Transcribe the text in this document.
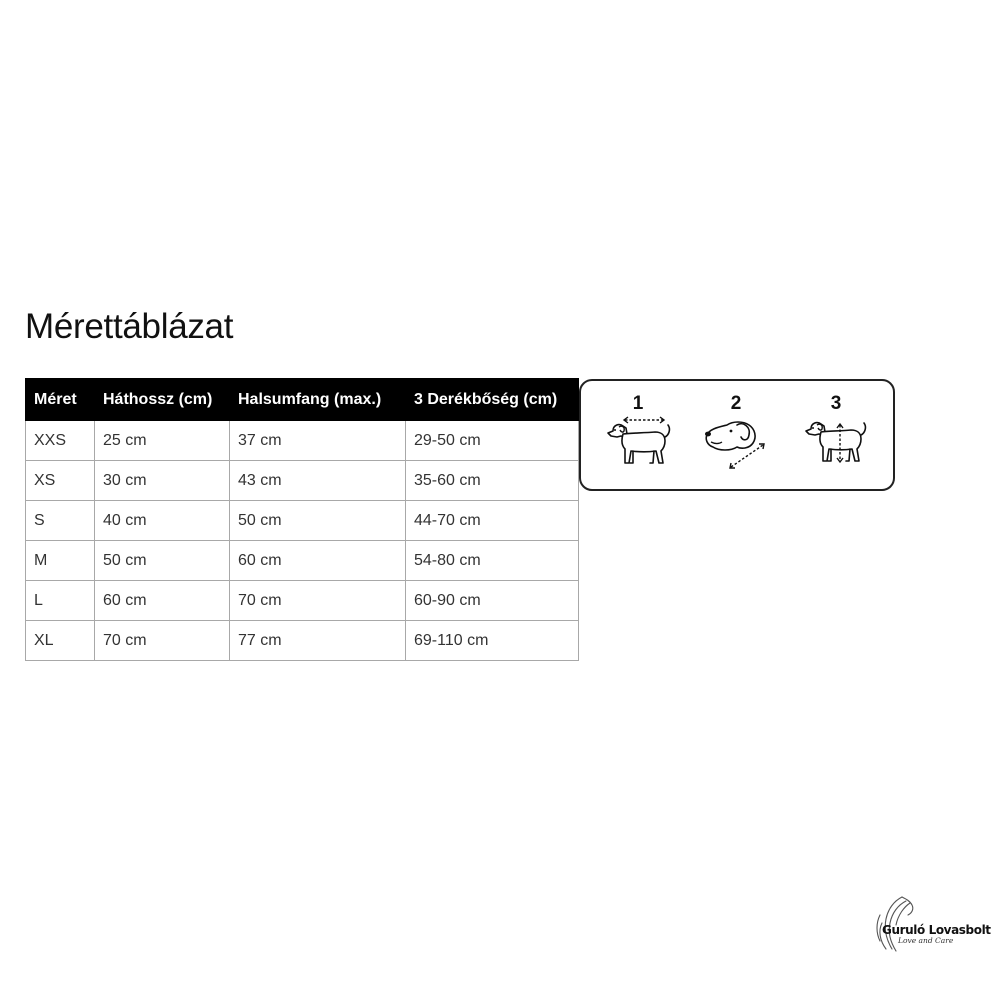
Mérettáblázat
Méret	Háthossz (cm)	Halsumfang (max.)	3 Derékbőség (cm)
XXS	25 cm	37 cm	29-50 cm
XS	30 cm	43 cm	35-60 cm
S	40 cm	50 cm	44-70 cm
M	50 cm	60 cm	54-80 cm
L	60 cm	70 cm	60-90 cm
XL	70 cm	77 cm	69-110 cm
1	2	3
Guruló Lovasbolt
Love and Care
